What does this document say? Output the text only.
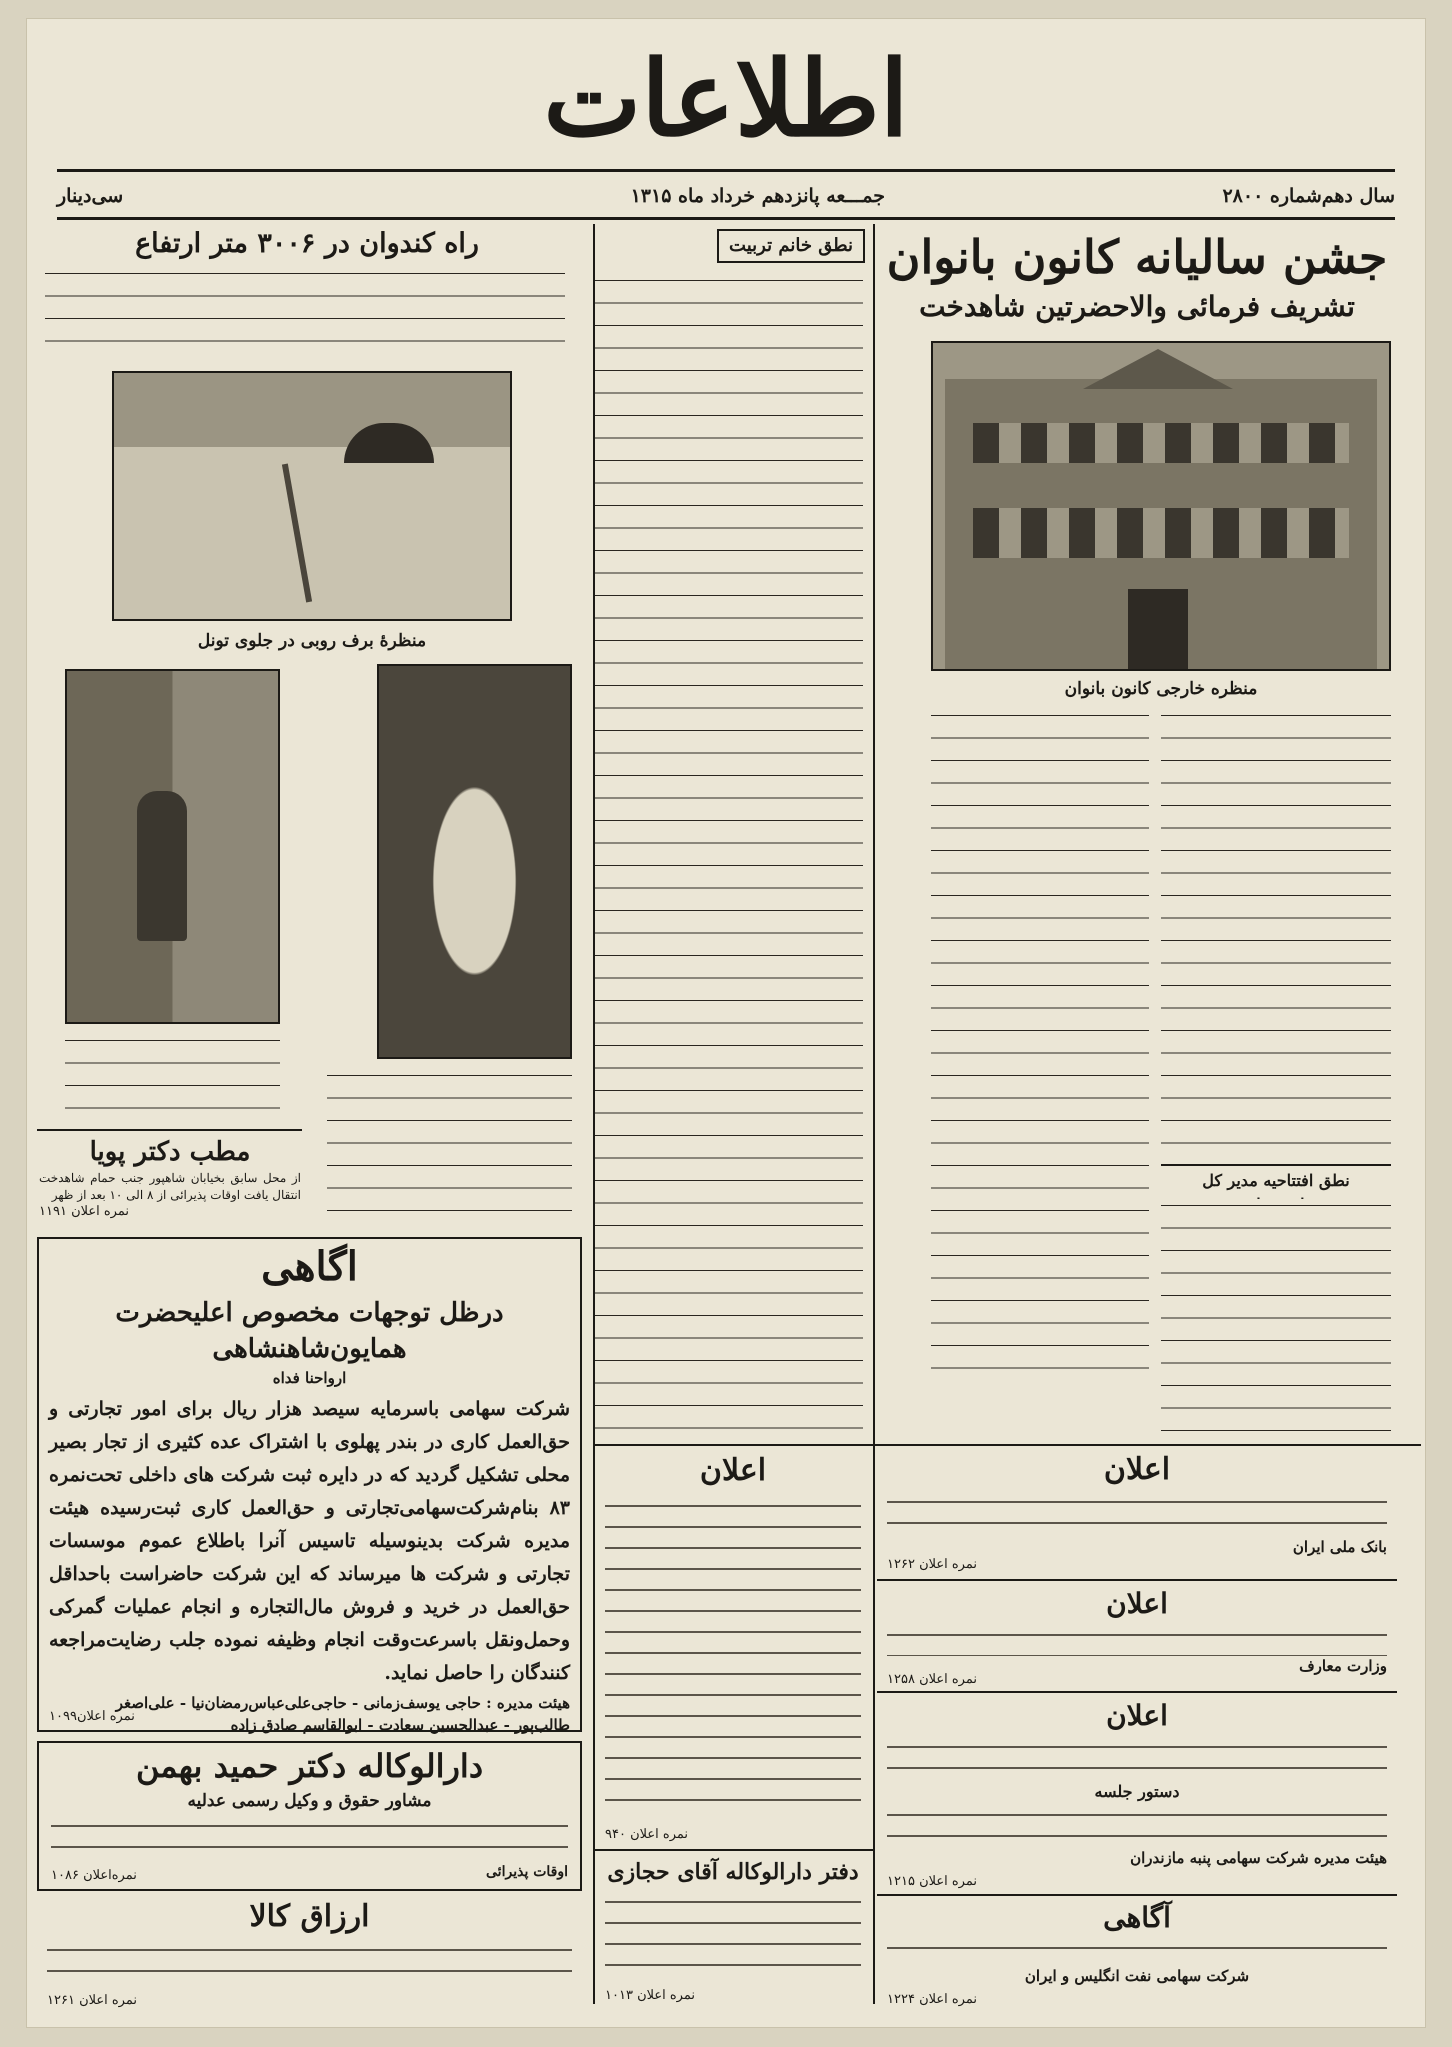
اطلاعات
سال دهم‌شماره ۲۸۰۰
جمـــعه پانزدهم خرداد ماه ۱۳۱۵
سی‌دینار
جشن سالیانه کانون بانوان
تشریف فرمائی والاحضرتین شاهدخت
منظره خارجی کانون بانوان
نطق افتتاحیه مدیر کل
نطق خانم تربیت
راه کندوان در ۳۰۰۶ متر ارتفاع
منظرهٔ برف روبی در جلوی تونل
مطب دکتر پویا
از محل سابق بخیابان شاهپور جنب حمام شاهدخت انتقال یافت اوقات پذیرائی از ۸ الی ۱۰ بعد از ظهر
نمره اعلان ۱۱۹۱
اگاهی
درظل توجهات مخصوص اعلیحضرت همایون‌شاهنشاهی
ارواحنا فداه
شرکت سهامی باسرمایه سیصد هزار ریال برای امور تجارتی و حق‌العمل کاری در بندر پهلوی با اشتراک عده کثیری از تجار بصیر محلی تشکیل گردید که در دایره ثبت شرکت های داخلی تحت‌نمره ۸۳ بنام‌شرکت‌سهامی‌تجارتی و حق‌العمل کاری ثبت‌رسیده هیئت مدیره شرکت بدینوسیله تاسیس آنرا باطلاع عموم موسسات تجارتی و شرکت ها میرساند که این شرکت حاضراست باحداقل حق‌العمل در خرید و فروش مال‌التجاره و انجام عملیات گمرکی وحمل‌ونقل باسرعت‌وقت انجام وظیفه نموده جلب رضایت‌مراجعه کنندگان را حاصل نماید.
هیئت مدیره : حاجی یوسف‌زمانی - حاجی‌علی‌عباس‌رمضان‌نیا - علی‌اصغر
طالب‌پور - عبدالحسین سعادت - ابوالقاسم صادق زاده
نمره اعلان۱۰۹۹
دارالوکاله دکتر حمید بهمن
مشاور حقوق و وکیل رسمی عدلیه
اوقات پذیرائی
نمره‌اعلان ۱۰۸۶
ارزاق کالا
نمره اعلان ۱۲۶۱
اعلان
نمره اعلان ۹۴۰
دفتر دارالوکاله آقای حجازی
نمره اعلان ۱۰۱۳
اعلان
بانک ملی ایران
نمره اعلان ۱۲۶۲
اعلان
وزارت معارف
نمره اعلان ۱۲۵۸
اعلان
دستور جلسه
هیئت مدیره شرکت سهامی پنبه مازندران
نمره اعلان ۱۲۱۵
آگاهی
شرکت سهامی نفت انگلیس و ایران
نمره اعلان ۱۲۲۴
